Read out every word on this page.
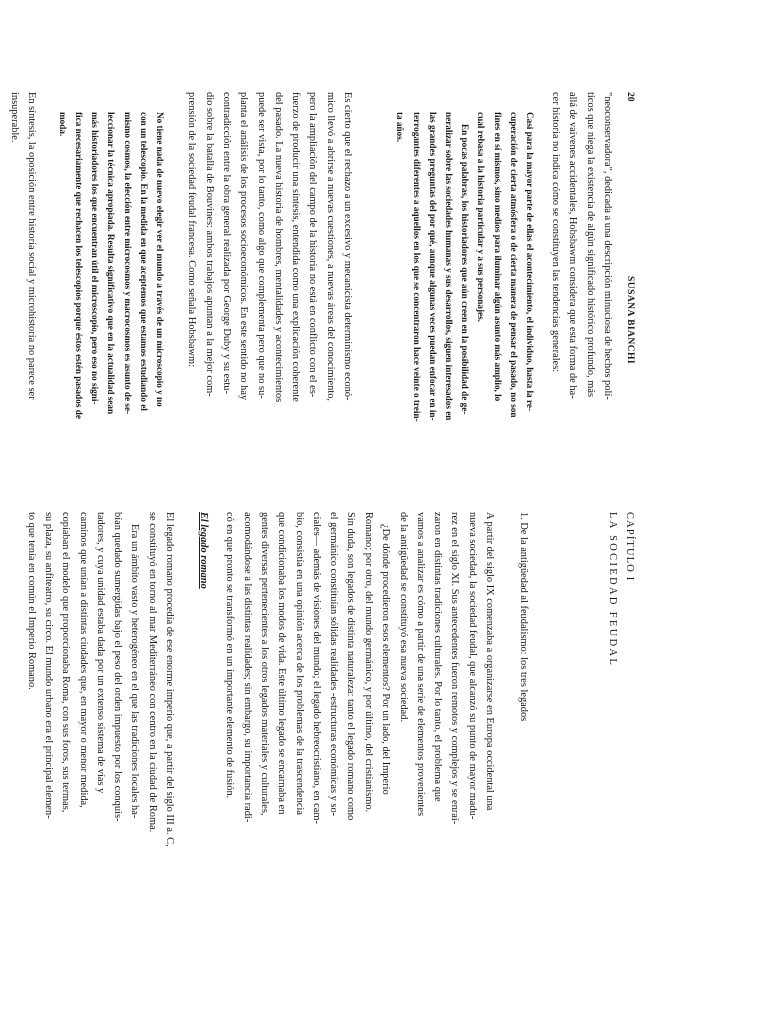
20
SUSANA BIANCHI

"neoconservadora", dedicada a una descripción minuciosa de hechos polí-

ticos que niega la existencia de algún significado histórico profundo, más

allá de vaivenes accidentales, Hobsbawm considera que esta forma de ha-

cer historia no indica cómo se constituyen las tendencias generales:

Casi para la mayor parte de ellas el acontecimiento, el individuo, hasta la re-

cuperación de cierta atmósfera o de cierta manera de pensar el pasado, no son

fines en sí mismos, sino medios para iluminar algún asunto más amplio, lo

cual rebasa a la historia particular y a sus personajes.

En pocas palabras, los historiadores que aún creen en la posibilidad de ge-

neralizar sobre las sociedades humanas y sus desarrollos, siguen interesados en

las grandes preguntas del por qué, aunque algunas veces puedan enfocar en in-

terrogantes diferentes a aquellos en los que se concentraron hace veinte o trein-

ta años.

Es cierto que el rechazo a un excesivo y mecanicista determinismo econó-

mico llevó a abrirse a nuevas cuestiones, a nuevas áreas del conocimiento,

pero la ampliación del campo de la historia no está en conflicto con el es-

fuerzo de producir una síntesis, entendida como una explicación coherente

del pasado. La nueva historia de hombres, mentalidades y acontecimientos

puede ser vista, por lo tanto, como algo que complementa pero que no su-

planta el análisis de los procesos socioeconómicos. En este sentido no hay

contradicción entre la obra general realizada por George Duby y su estu-

dio sobre la batalla de Bouvines: ambos trabajos apuntan a la mejor com-

prensión de la sociedad feudal francesa. Como señala Hobsbawm:

No tiene nada de nuevo elegir ver el mundo a través de un microscopio y no

con un telescopio. En la medida en que aceptemos que estamos estudiando el

mismo cosmos, la elección entre microcosmos y macrocosmos es asunto de se-

leccionar la técnica apropiada. Resulta significativo que en la actualidad sean

más historiadores los que encuentran útil el microscopio, pero eso no signi-

fica necesariamente que rechacen los telescopios porque éstos estén pasados de

moda.

En síntesis, la oposición entre historia social y microhistoria no parece ser

insuperable.

CAPÍTULO I

LA SOCIEDAD FEUDAL

1. De la antigüedad al feudalismo: los tres legados

A partir del siglo IX comenzaba a organizarse en Europa occidental una

nueva sociedad, la sociedad feudal, que alcanzó su punto de mayor madu-

rez en el siglo XI. Sus antecedentes fueron remotos y complejos y se enrai-

zaron en distintas tradiciones culturales. Por lo tanto, el problema que

vamos a analizar es cómo a partir de una serie de elementos provenientes

de la antigüedad se constituyó esa nueva sociedad.

¿De dónde procedieron esos elementos? Por un lado, del Imperio

Romano; por otro, del mundo germánico, y por último, del cristianismo.

Sin duda, son legados de distinta naturaleza: tanto el legado romano como

el germánico constituían sólidas realidades -estructuras económicas y so-

ciales— además de visiones del mundo; el legado hebreocristiano, en cam-

bio, consistía en una opinión acerca de los problemas de la trascendencia

que condicionaba los modos de vida. Este último legado se encarnaba en

gentes diversas pertenecientes a los otros legados materiales y culturales,

acomodándose a las distintas realidades; sin embargo, su importancia radi-

có en que pronto se transformó en un importante elemento de fusión.

El legado romano

El legado romano procedía de ese enorme imperio que, a partir del siglo III a. C,

se constituyó en torno al mar Mediterráneo con centro en la ciudad de Roma.

Era un ámbito vasto y heterogéneo en el que las tradiciones locales ha-

bían quedado sumergidas bajo el peso del orden impuesto por los conquis-

tadores, y cuya unidad estaba dada por un extenso sistema de vías y

caminos que unían a distintas ciudades que, en mayor o menor medida,

copiaban el modelo que proporcionaba Roma, con sus foros, sus termas,

su plaza, su anfiteatro, su circo. El mundo urbano era el principal elemen-

to que tenía en común el Imperio Romano.
